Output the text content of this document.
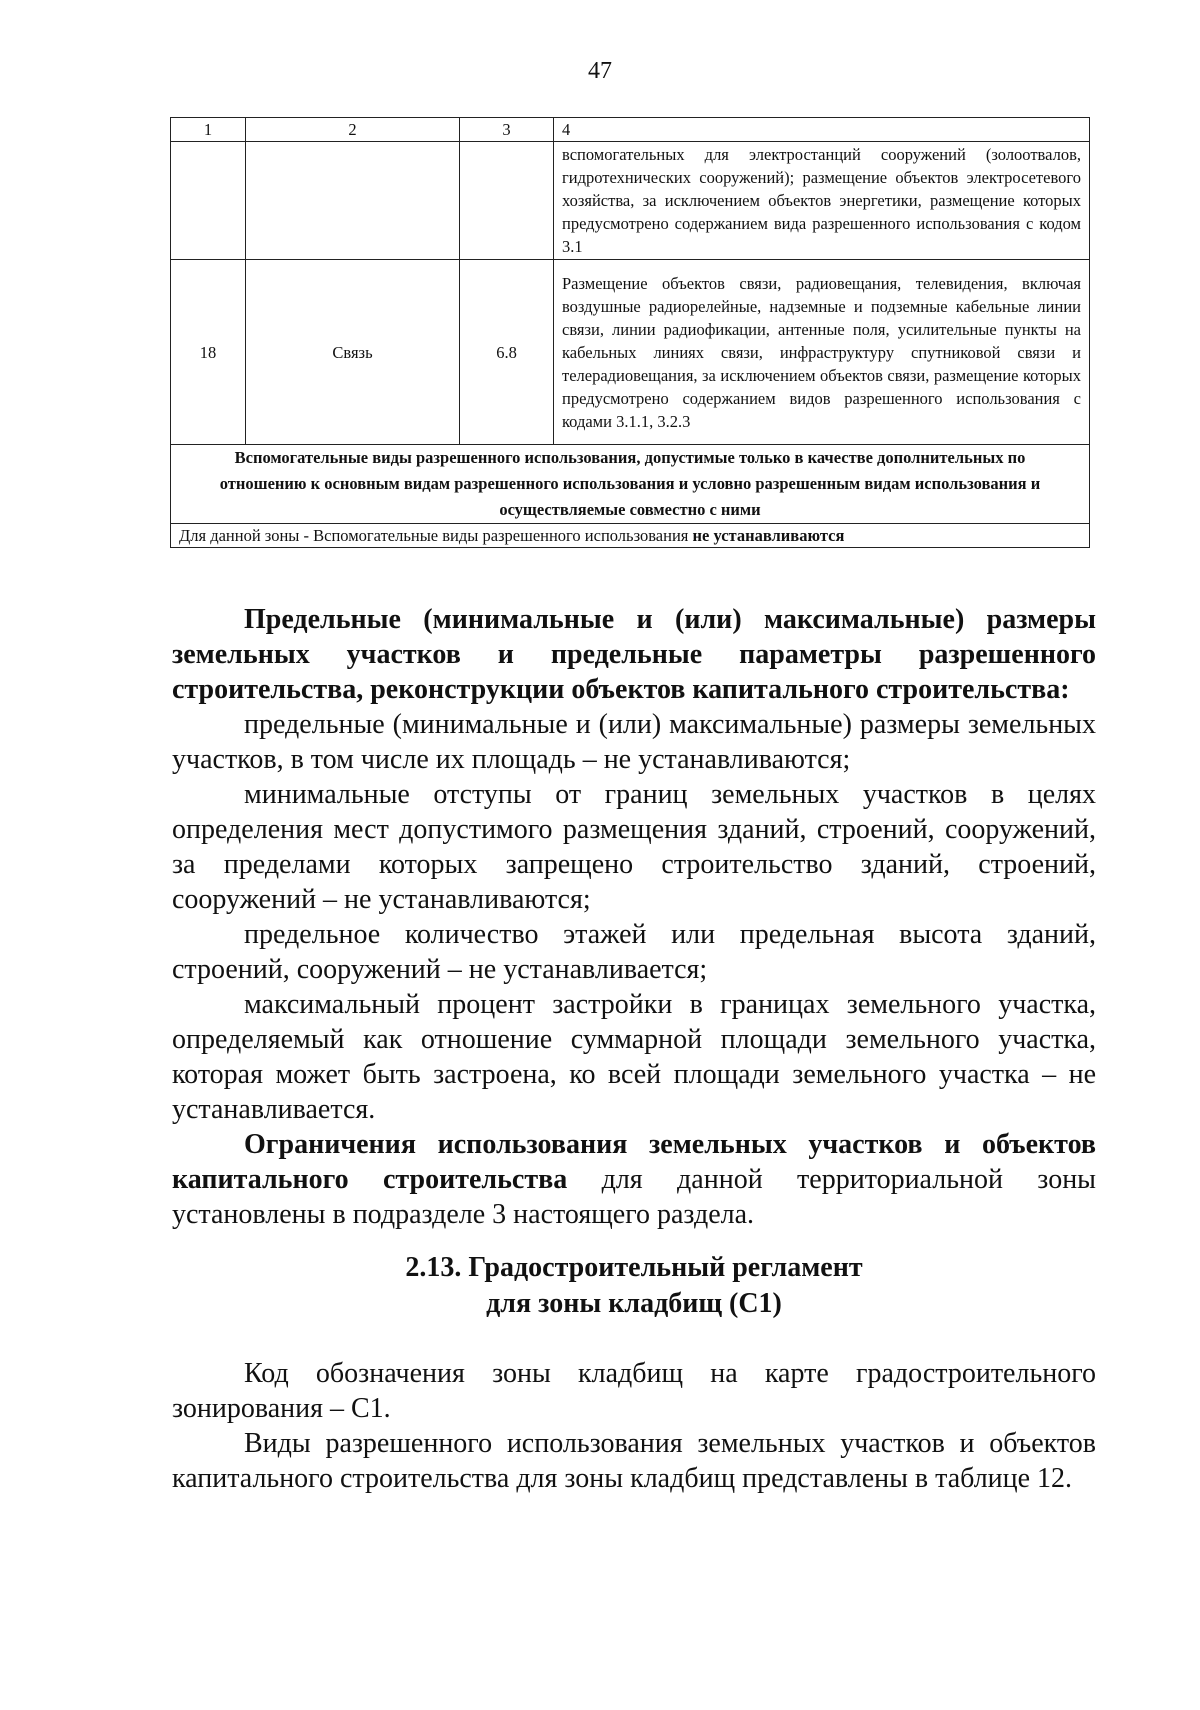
47
1	2	3	4
			вспомогательных для электростанций сооружений (золоотвалов, гидротехнических сооружений); размещение объектов электросетевого хозяйства, за исключением объектов энергетики, размещение которых предусмотрено содержанием вида разрешенного использования с кодом 3.1
18	Связь	6.8	Размещение объектов связи, радиовещания, телевидения, включая воздушные радиорелейные, надземные и подземные кабельные линии связи, линии радиофикации, антенные поля, усилительные пункты на кабельных линиях связи, инфраструктуру спутниковой связи и телерадиовещания, за исключением объектов связи, размещение которых предусмотрено содержанием видов разрешенного использования с кодами 3.1.1, 3.2.3
Вспомогательные виды разрешенного использования, допустимые только в качестве дополнительных по отношению к основным видам разрешенного использования и условно разрешенным видам использования и осуществляемые совместно с ними			
Для данной зоны - Вспомогательные виды разрешенного использования не устанавливаются			

Предельные (минимальные и (или) максимальные) размеры земельных участков и предельные параметры разрешенного строительства, реконструкции объектов капитального строительства:

предельные (минимальные и (или) максимальные) размеры земельных участков, в том числе их площадь – не устанавливаются;

минимальные отступы от границ земельных участков в целях определения мест допустимого размещения зданий, строений, сооружений, за пределами которых запрещено строительство зданий, строений, сооружений – не устанавливаются;

предельное количество этажей или предельная высота зданий, строений, сооружений – не устанавливается;

максимальный процент застройки в границах земельного участка, определяемый как отношение суммарной площади земельного участка, которая может быть застроена, ко всей площади земельного участка – не устанавливается.

Ограничения использования земельных участков и объектов капитального строительства для данной территориальной зоны установлены в подразделе 3 настоящего раздела.

2.13. Градостроительный регламент

для зоны кладбищ (С1)

Код обозначения зоны кладбищ на карте градостроительного зонирования – С1.

Виды разрешенного использования земельных участков и объектов капитального строительства для зоны кладбищ представлены в таблице 12.
